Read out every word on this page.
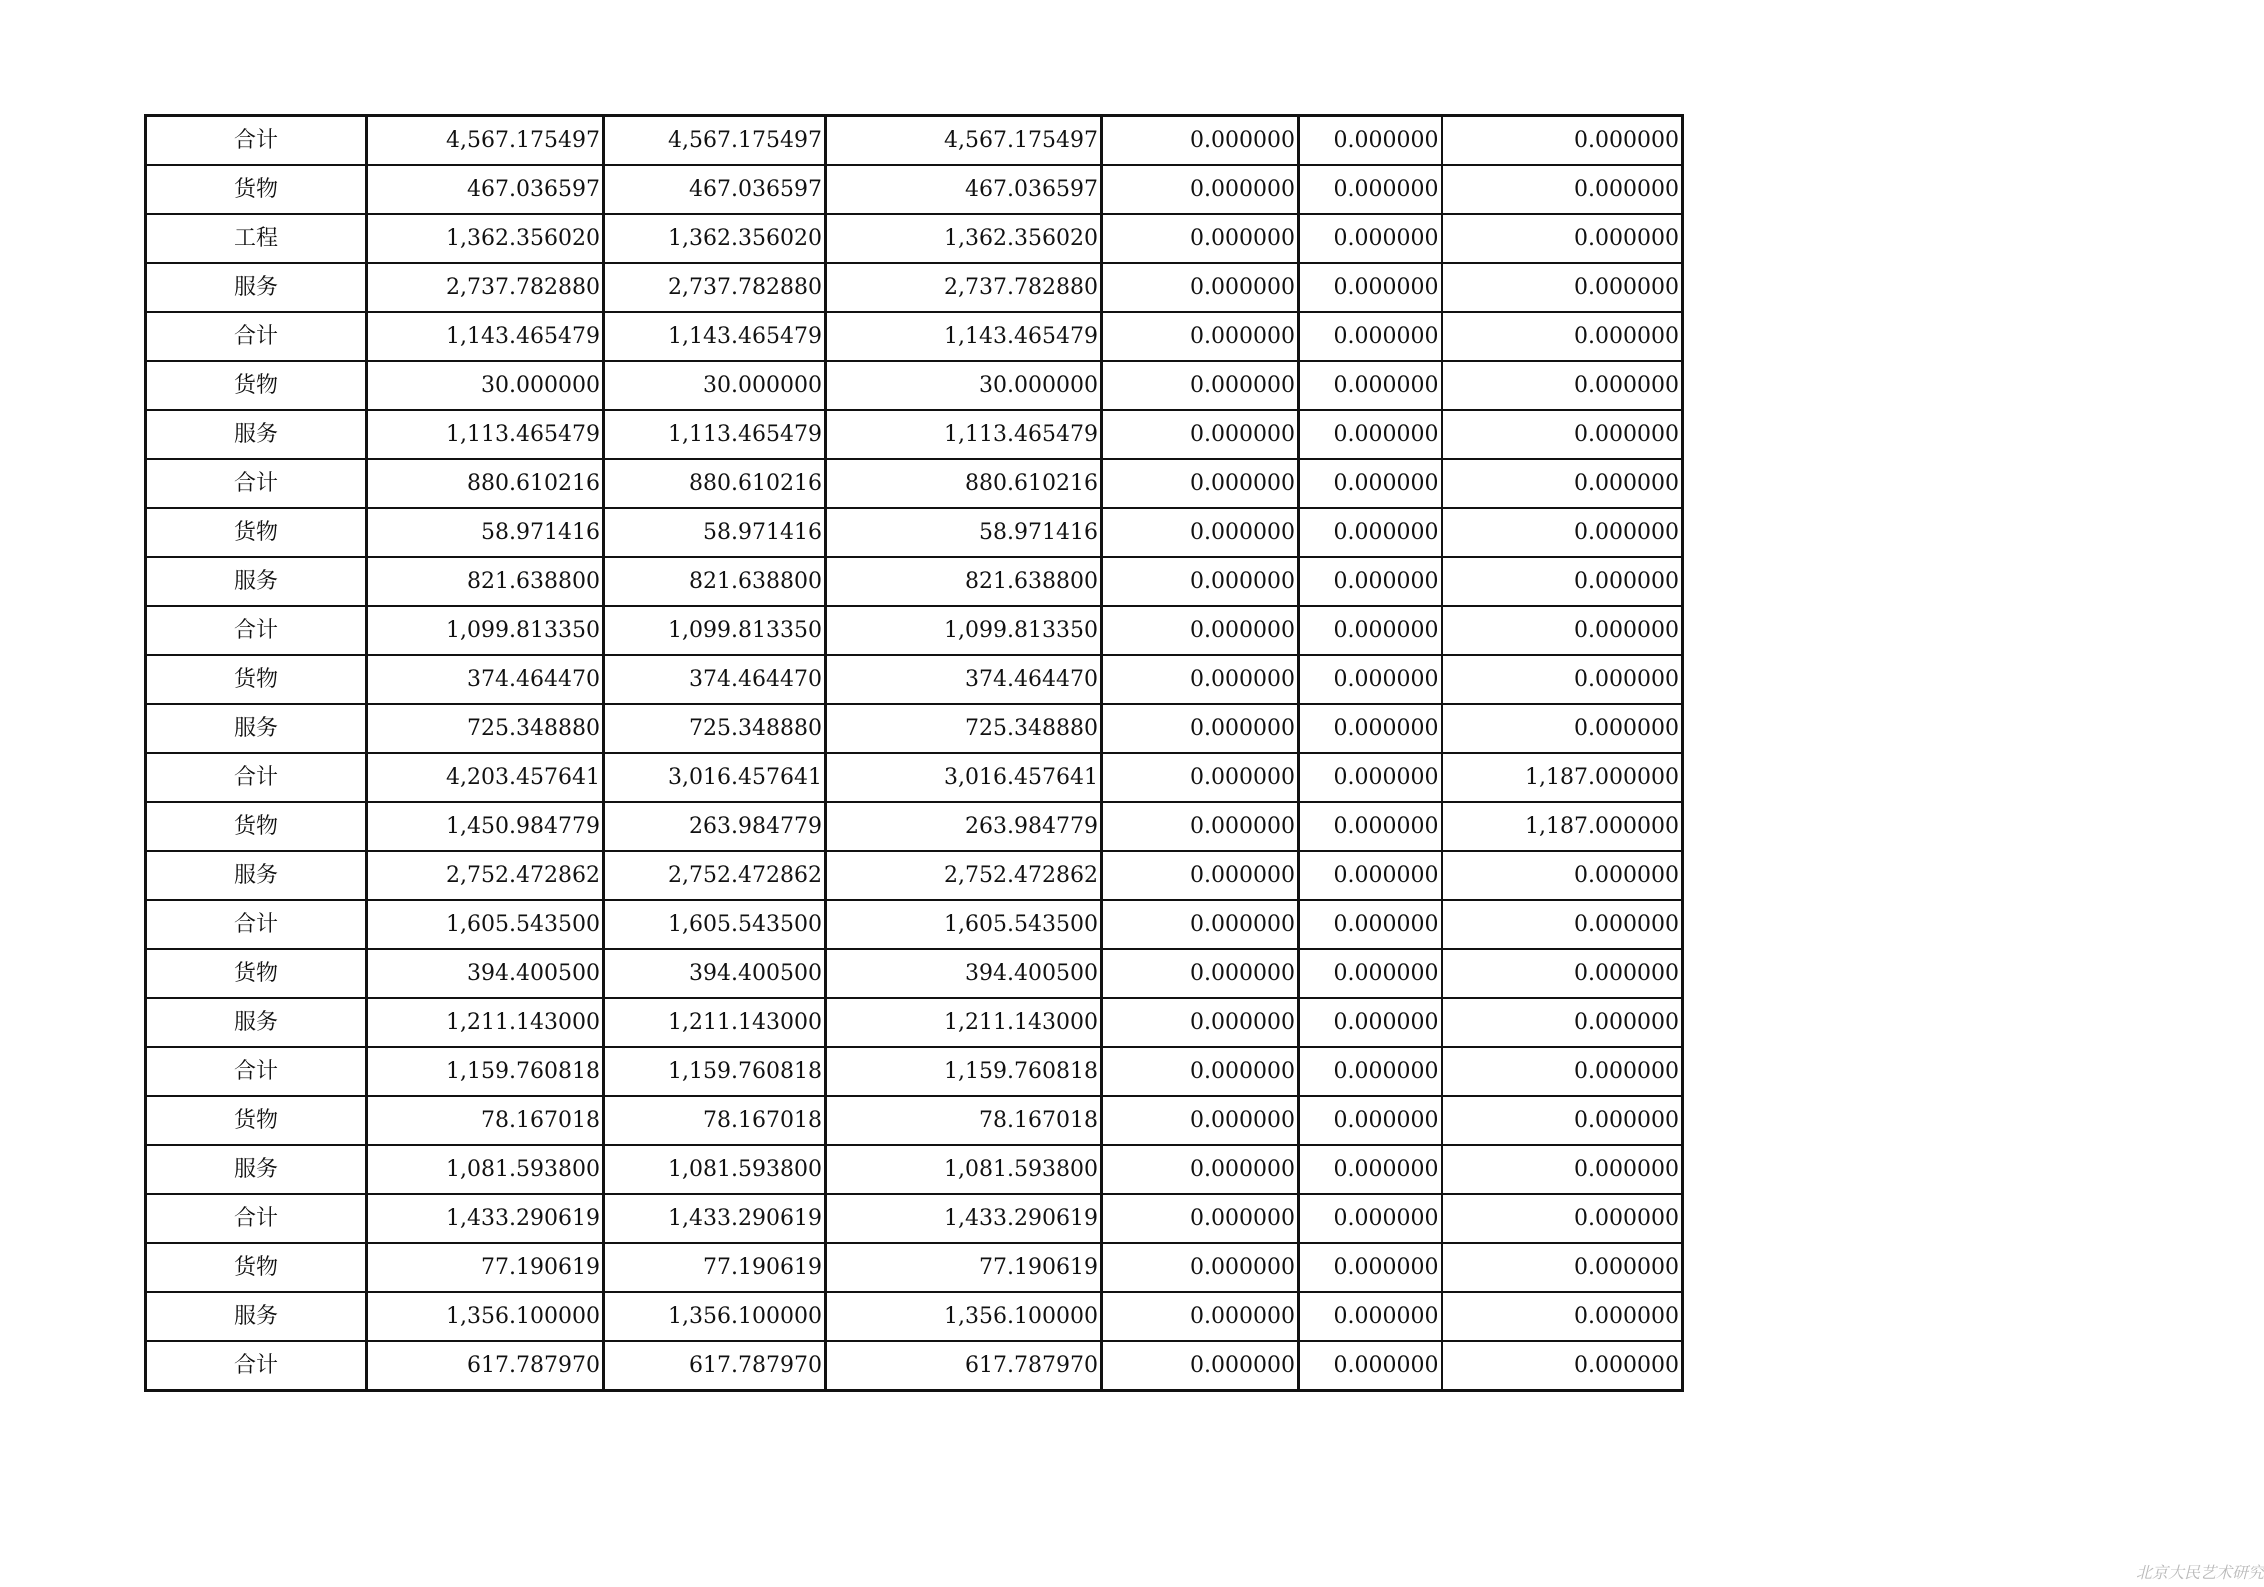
合计	4,567.175497	4,567.175497	4,567.175497	0.000000	0.000000	0.000000
货物	467.036597	467.036597	467.036597	0.000000	0.000000	0.000000
工程	1,362.356020	1,362.356020	1,362.356020	0.000000	0.000000	0.000000
服务	2,737.782880	2,737.782880	2,737.782880	0.000000	0.000000	0.000000
合计	1,143.465479	1,143.465479	1,143.465479	0.000000	0.000000	0.000000
货物	30.000000	30.000000	30.000000	0.000000	0.000000	0.000000
服务	1,113.465479	1,113.465479	1,113.465479	0.000000	0.000000	0.000000
合计	880.610216	880.610216	880.610216	0.000000	0.000000	0.000000
货物	58.971416	58.971416	58.971416	0.000000	0.000000	0.000000
服务	821.638800	821.638800	821.638800	0.000000	0.000000	0.000000
合计	1,099.813350	1,099.813350	1,099.813350	0.000000	0.000000	0.000000
货物	374.464470	374.464470	374.464470	0.000000	0.000000	0.000000
服务	725.348880	725.348880	725.348880	0.000000	0.000000	0.000000
合计	4,203.457641	3,016.457641	3,016.457641	0.000000	0.000000	1,187.000000
货物	1,450.984779	263.984779	263.984779	0.000000	0.000000	1,187.000000
服务	2,752.472862	2,752.472862	2,752.472862	0.000000	0.000000	0.000000
合计	1,605.543500	1,605.543500	1,605.543500	0.000000	0.000000	0.000000
货物	394.400500	394.400500	394.400500	0.000000	0.000000	0.000000
服务	1,211.143000	1,211.143000	1,211.143000	0.000000	0.000000	0.000000
合计	1,159.760818	1,159.760818	1,159.760818	0.000000	0.000000	0.000000
货物	78.167018	78.167018	78.167018	0.000000	0.000000	0.000000
服务	1,081.593800	1,081.593800	1,081.593800	0.000000	0.000000	0.000000
合计	1,433.290619	1,433.290619	1,433.290619	0.000000	0.000000	0.000000
货物	77.190619	77.190619	77.190619	0.000000	0.000000	0.000000
服务	1,356.100000	1,356.100000	1,356.100000	0.000000	0.000000	0.000000
合计	617.787970	617.787970	617.787970	0.000000	0.000000	0.000000
北京大民艺术研究
